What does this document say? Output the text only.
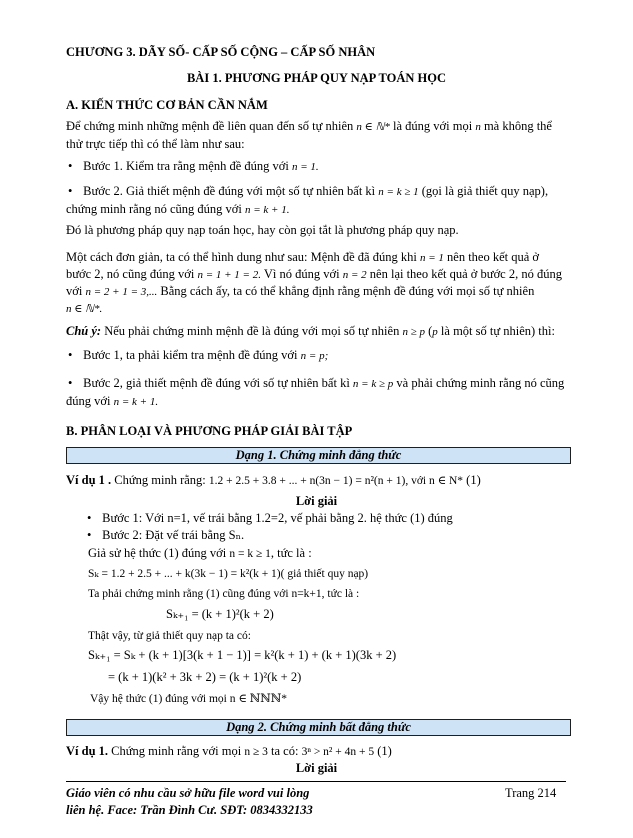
CHƯƠNG 3. DÃY SỐ- CẤP SỐ CỘNG – CẤP SỐ NHÂN
BÀI 1. PHƯƠNG PHÁP QUY NẠP TOÁN HỌC
A. KIẾN THỨC CƠ BẢN CẦN NẮM
Để chứng minh những mệnh đề liên quan đến số tự nhiên n ∈ ℕ* là đúng với mọi n mà không thể
thử trực tiếp thì có thể làm như sau:
• Bước 1. Kiểm tra rằng mệnh đề đúng với n = 1.
• Bước 2. Giả thiết mệnh đề đúng với một số tự nhiên bất kì n = k ≥ 1 (gọi là giả thiết quy nạp),
chứng minh rằng nó cũng đúng với n = k + 1.
Đó là phương pháp quy nạp toán học, hay còn gọi tắt là phương pháp quy nạp.
Một cách đơn giản, ta có thể hình dung như sau: Mệnh đề đã đúng khi n = 1 nên theo kết quả ở
bước 2, nó cũng đúng với n = 1 + 1 = 2. Vì nó đúng với n = 2 nên lại theo kết quả ở bước 2, nó đúng
với n = 2 + 1 = 3,... Bằng cách ấy, ta có thể khẳng định rằng mệnh đề đúng với mọi số tự nhiên
n ∈ ℕ*.
Chú ý: Nếu phải chứng minh mệnh đề là đúng với mọi số tự nhiên n ≥ p (p là một số tự nhiên) thì:
• Bước 1, ta phải kiểm tra mệnh đề đúng với n = p;
• Bước 2, giả thiết mệnh đề đúng với số tự nhiên bất kì n = k ≥ p và phải chứng minh rằng nó cũng
đúng với n = k + 1.
B. PHÂN LOẠI VÀ PHƯƠNG PHÁP GIẢI BÀI TẬP
Dạng 1. Chứng minh đẳng thức
Ví dụ 1 . Chứng minh rằng: 1.2 + 2.5 + 3.8 + ... + n(3n − 1) = n²(n + 1), với n ∈ N* (1)
Lời giải
• Bước 1: Với n=1, vế trái bằng 1.2=2, vế phải bằng 2. hệ thức (1) đúng
• Bước 2: Đặt vế trái bằng Sₙ.
Giả sử hệ thức (1) đúng với n = k ≥ 1, tức là :
Sₖ = 1.2 + 2.5 + ... + k(3k − 1) = k²(k + 1)( giả thiết quy nạp)
Ta phải chứng minh rằng (1) cũng đúng với n=k+1, tức là :
Sₖ₊₁ = (k + 1)²(k + 2)
Thật vậy, từ giả thiết quy nạp ta có:
Sₖ₊₁ = Sₖ + (k + 1)[3(k + 1 − 1)] = k²(k + 1) + (k + 1)(3k + 2)
= (k + 1)(k² + 3k + 2) = (k + 1)²(k + 2)
Vậy hệ thức (1) đúng với mọi n ∈ ℕℕℕ*
Dạng 2. Chứng minh bất đẳng thức
Ví dụ 1. Chứng minh rằng với mọi n ≥ 3 ta có: 3ⁿ > n² + 4n + 5 (1)
Lời giải
Giáo viên có nhu cầu sở hữu file word vui lòng
liên hệ. Face: Trần Đình Cư. SĐT: 0834332133
Trang 214
